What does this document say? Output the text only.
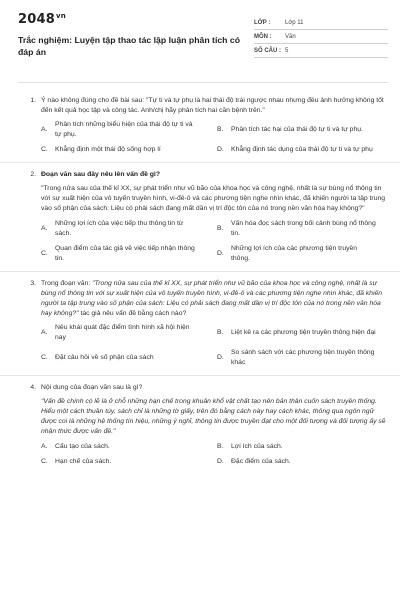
$2048^{vn}$
Trắc nghiệm: Luyện tập thao tác lập luận phân tích có đáp án
LỚP :	Lớp 11
MÔN :	Văn
SỐ CÂU : 5
1. Ý nào không đúng cho đề bài sau: "Tự ti và tự phụ là hai thái độ trái ngược nhau nhưng đều ảnh hưởng không tốt đến kết quả học tập và công tác. Anh/chị hãy phân tích hai căn bệnh trên."
A.
Phân tích những biểu hiện của thái độ tự ti và tự phụ.
B.	Phân tích tác hại của thái độ tự ti và tự phụ.
C.	Khẳng định một thái độ sống hợp lí	D.	Khẳng định tác dụng của thái độ tự ti và tự phụ
2. Đoạn văn sau đây nêu lên vấn đề gì?
"Trong nửa sau của thế kỉ XX, sự phát triển như vũ bão của khoa học và công nghệ, nhất là sự bùng nổ thông tin với sự xuất hiện của vô tuyến truyền hình, vi-đê-ô và các phương tiện nghe nhìn khác, đã khiến người ta tập trung vào số phận của sách: Liệu có phải sách đang mất dần vị trí độc tôn của nó trong nền văn hóa hay không?"
A.
Những lợi ích của việc tiếp thu thông tin từ sách.
B.
Vấn hóa đọc sách trong bối cảnh bùng nổ thông tin.
C.
Quan điểm của tác giả về việc tiếp nhận thông tin.
D.
Những lợi ích của các phương tiện truyền thông.
3. Trong đoạn văn: "Trong nửa sau của thế kỉ XX, sự phát triển như vũ bão của khoa học và công nghệ, nhất là sự bùng nổ thông tin với sự xuất hiện của vô tuyến truyền hình, vi-đê-ô và các phương tiện nghe nhìn khác, đã khiến người ta tập trung vào số phận của sách: Liệu có phải sách đang mất dần vị trí độc tôn của nó trong nền văn hóa hay không?" tác giả nêu vấn đề bằng cách nào?
A.
Nêu khái quát đặc điểm tình hình xã hội hiện nay
B.	Liệt kê ra các phương tiện truyền thông hiện đại
C.	Đặt câu hỏi về số phận của sách	D.
So sánh sách với các phương tiện truyền thông khác
4. Nội dung của đoạn văn sau là gì?
"Vấn đề chính có lẽ là ở chỗ những hạn chế trong khuân khổ vật chất tạo nên bản thân cuốn sách truyền thống. Hiểu một cách thuần túy, sách chỉ là những tờ giấy, trên đó bằng cách này hay cách khác, thông qua ngôn ngữ được coi là những hệ thống tín hiệu, những ý nghĩ, thông tin được truyền đạt cho một đối tượng và đối tượng ấy sẽ nhận thức được vấn đề."
A.	Cấu tạo của sách.	B.	Lợi ích của sách.
C.	Hạn chế của sách.	D.	Đặc điểm của sách.
